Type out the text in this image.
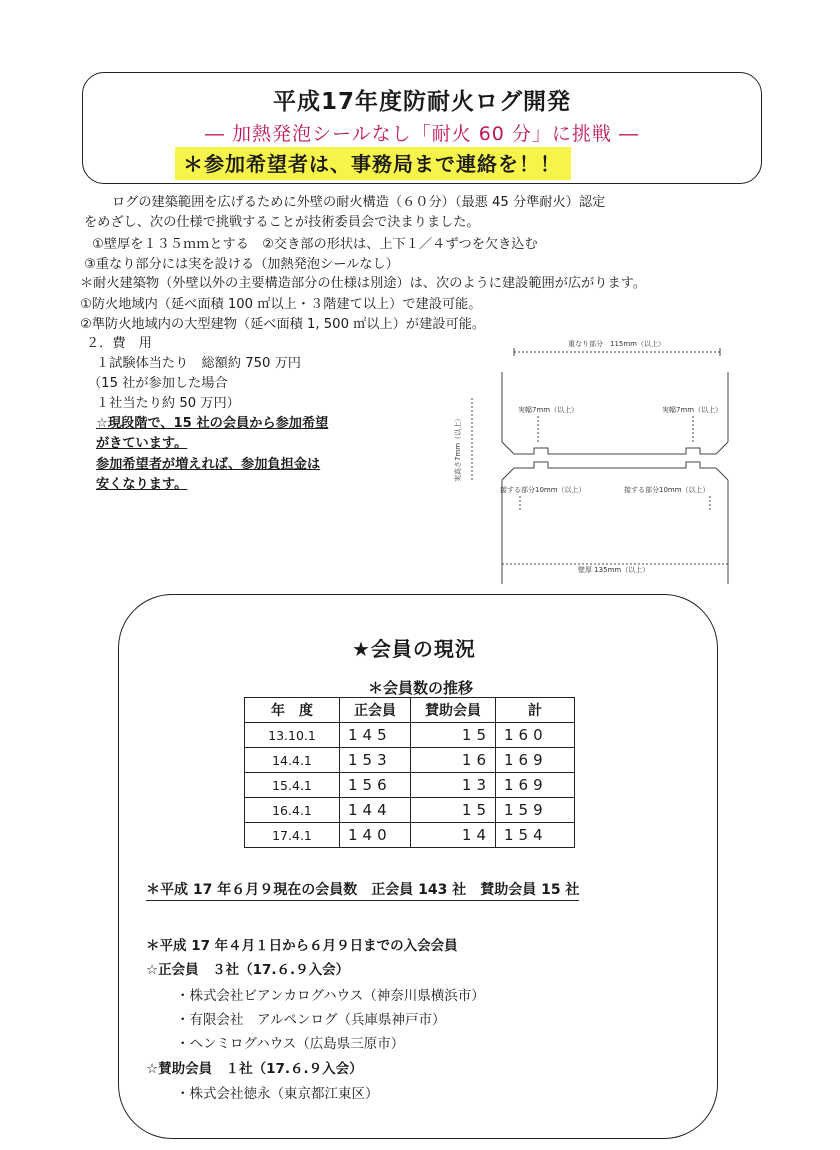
平成17年度防耐火ログ開発
― 加熱発泡シールなし「耐火 60 分」に挑戦 ―
＊参加希望者は、事務局まで連絡を！！
ログの建築範囲を広げるために外壁の耐火構造（６０分）（最悪 45 分準耐火）認定
をめざし、次の仕様で挑戦することが技術委員会で決まりました。
①壁厚を１３５ｍｍとする　②交き部の形状は、上下１／４ずつを欠き込む
③重なり部分には実を設ける（加熱発泡シールなし）
＊耐火建築物（外壁以外の主要構造部分の仕様は別途）は、次のように建設範囲が広がります。
①防火地域内（延べ面積 100 ㎡以上・３階建て以上）で建設可能。
②準防火地域内の大型建物（延べ面積 1, 500 ㎡以上）が建設可能。
２．費　用
１試験体当たり　総額約 750 万円
（15 社が参加した場合
１社当たり約 50 万円）
☆現段階で、15 社の会員から参加希望
がきています。
参加希望者が増えれば、参加負担金は
安くなります。
重なり部分　115mm（以上）
実幅7mm（以上）	実幅7mm（以上）
実高さ7mm（以上）
接する部分10mm（以上）	接する部分10mm（以上）
壁厚 135mm（以上）
★会員の現況
＊会員数の推移
年　度	正会員	賛助会員	計
13.10.1	145	15	160
14.4.1	153	16	169
15.4.1	156	13	169
16.4.1	144	15	159
17.4.1	140	14	154
＊平成 17 年６月９現在の会員数　正会員 143 社　賛助会員 15 社
＊平成 17 年４月１日から６月９日までの入会会員
☆正会員　３社（17.６.９入会）
・株式会社ビアンカログハウス（神奈川県横浜市）
・有限会社　アルペンログ（兵庫県神戸市）
・ヘンミログハウス（広島県三原市）
☆賛助会員　１社（17.６.９入会）
・株式会社徳永（東京都江東区）
